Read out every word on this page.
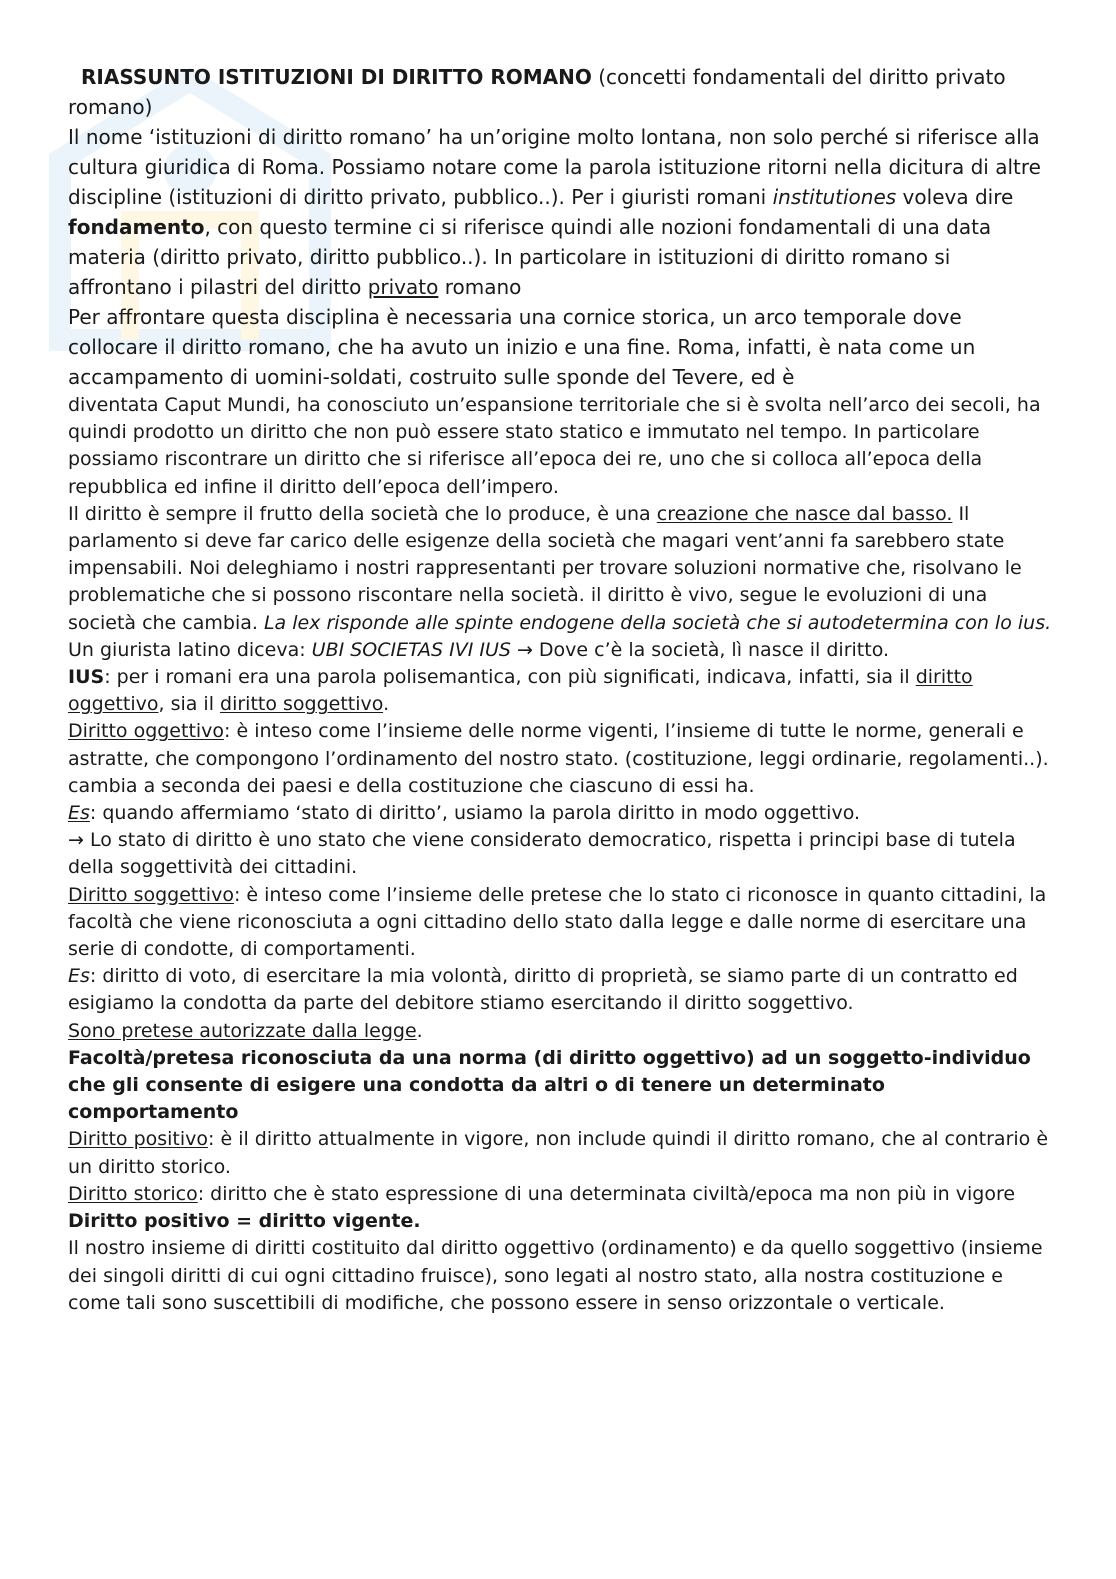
RIASSUNTO ISTITUZIONI DI DIRITTO ROMANO (concetti fondamentali del diritto privato romano)

Il nome ‘istituzioni di diritto romano’ ha un’origine molto lontana, non solo perché si riferisce alla cultura giuridica di Roma. Possiamo notare come la parola istituzione ritorni nella dicitura di altre discipline (istituzioni di diritto privato, pubblico..). Per i giuristi romani institutiones voleva dire fondamento, con questo termine ci si riferisce quindi alle nozioni fondamentali di una data materia (diritto privato, diritto pubblico..). In particolare in istituzioni di diritto romano si affrontano i pilastri del diritto privato romano

Per affrontare questa disciplina è necessaria una cornice storica, un arco temporale dove collocare il diritto romano, che ha avuto un inizio e una fine. Roma, infatti, è nata come un accampamento di uomini-soldati, costruito sulle sponde del Tevere, ed è

diventata Caput Mundi, ha conosciuto un’espansione territoriale che si è svolta nell’arco dei secoli, ha quindi prodotto un diritto che non può essere stato statico e immutato nel tempo. In particolare possiamo riscontrare un diritto che si riferisce all’epoca dei re, uno che si colloca all’epoca della repubblica ed infine il diritto dell’epoca dell’impero.

Il diritto è sempre il frutto della società che lo produce, è una creazione che nasce dal basso. Il parlamento si deve far carico delle esigenze della società che magari vent’anni fa sarebbero state impensabili. Noi deleghiamo i nostri rappresentanti per trovare soluzioni normative che, risolvano le problematiche che si possono riscontare nella società. il diritto è vivo, segue le evoluzioni di una società che cambia. La lex risponde alle spinte endogene della società che si autodetermina con lo ius. Un giurista latino diceva: UBI SOCIETAS IVI IUS → Dove c’è la società, lì nasce il diritto.

IUS: per i romani era una parola polisemantica, con più significati, indicava, infatti, sia il diritto oggettivo, sia il diritto soggettivo.

Diritto oggettivo: è inteso come l’insieme delle norme vigenti, l’insieme di tutte le norme, generali e astratte, che compongono l’ordinamento del nostro stato. (costituzione, leggi ordinarie, regolamenti..). cambia a seconda dei paesi e della costituzione che ciascuno di essi ha.

Es: quando affermiamo ‘stato di diritto’, usiamo la parola diritto in modo oggettivo.

→ Lo stato di diritto è uno stato che viene considerato democratico, rispetta i principi base di tutela della soggettività dei cittadini.

Diritto soggettivo: è inteso come l’insieme delle pretese che lo stato ci riconosce in quanto cittadini, la facoltà che viene riconosciuta a ogni cittadino dello stato dalla legge e dalle norme di esercitare una serie di condotte, di comportamenti.

Es: diritto di voto, di esercitare la mia volontà, diritto di proprietà, se siamo parte di un contratto ed esigiamo la condotta da parte del debitore stiamo esercitando il diritto soggettivo.

Sono pretese autorizzate dalla legge.

Facoltà/pretesa riconosciuta da una norma (di diritto oggettivo) ad un soggetto-individuo che gli consente di esigere una condotta da altri o di tenere un determinato comportamento

Diritto positivo: è il diritto attualmente in vigore, non include quindi il diritto romano, che al contrario è un diritto storico.

Diritto storico: diritto che è stato espressione di una determinata civiltà/epoca ma non più in vigore

Diritto positivo = diritto vigente.

Il nostro insieme di diritti costituito dal diritto oggettivo (ordinamento) e da quello soggettivo (insieme dei singoli diritti di cui ogni cittadino fruisce), sono legati al nostro stato, alla nostra costituzione e come tali sono suscettibili di modifiche, che possono essere in senso orizzontale o verticale.
